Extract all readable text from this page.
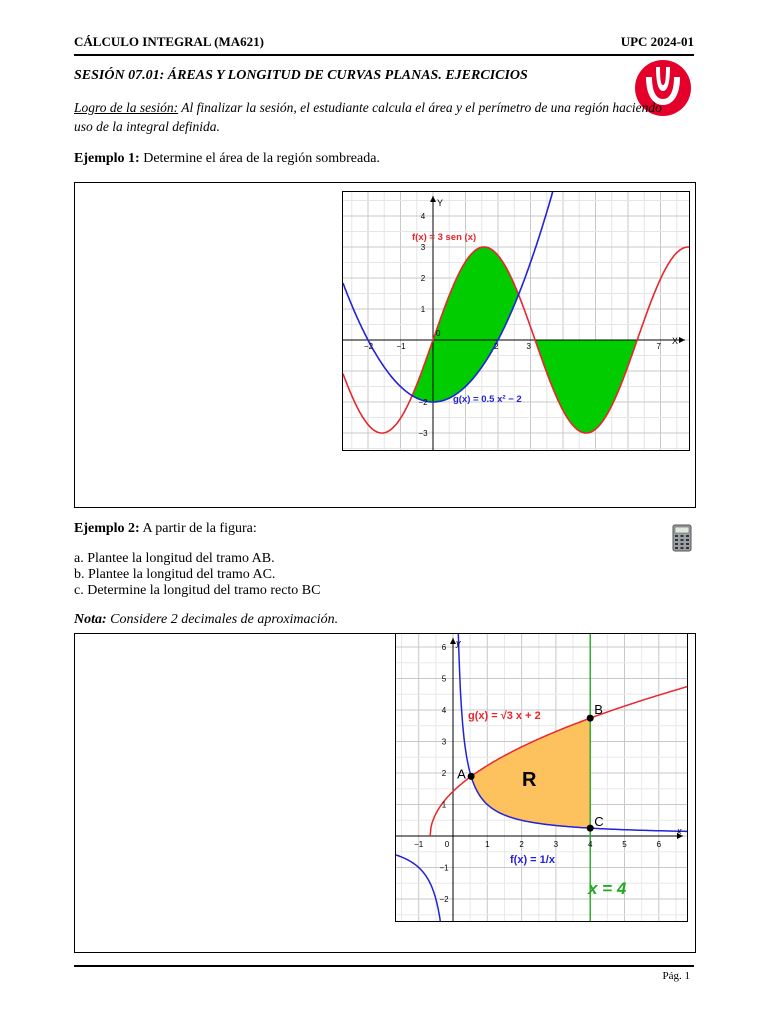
CÁLCULO INTEGRAL (MA621)	UPC 2024-01
SESIÓN 07.01: ÁREAS Y LONGITUD DE CURVAS PLANAS. EJERCICIOS
Logro de la sesión: Al finalizar la sesión, el estudiante calcula el área y el perímetro de una región haciendo
uso de la integral definida.
Ejemplo 1: Determine el área de la región sombreada.
−2	−1
0
2	3	7
4
3
2
1
−2
−3
X
Y
f(x) = 3 sen (x)
g(x) = 0.5 x² − 2
Ejemplo 2: A partir de la figura:
a. Plantee la longitud del tramo AB.
b. Plantee la longitud del tramo AC.
c. Determine la longitud del tramo recto BC
Nota: Considere 2 decimales de aproximación.
A
B
C
−1	0	1	2	3	4	5	6
6
5
4
3
2
1
−1
−2
x
y
g(x) = √3 x + 2
f(x) = 1/x
x = 4
R
Pág. 1
